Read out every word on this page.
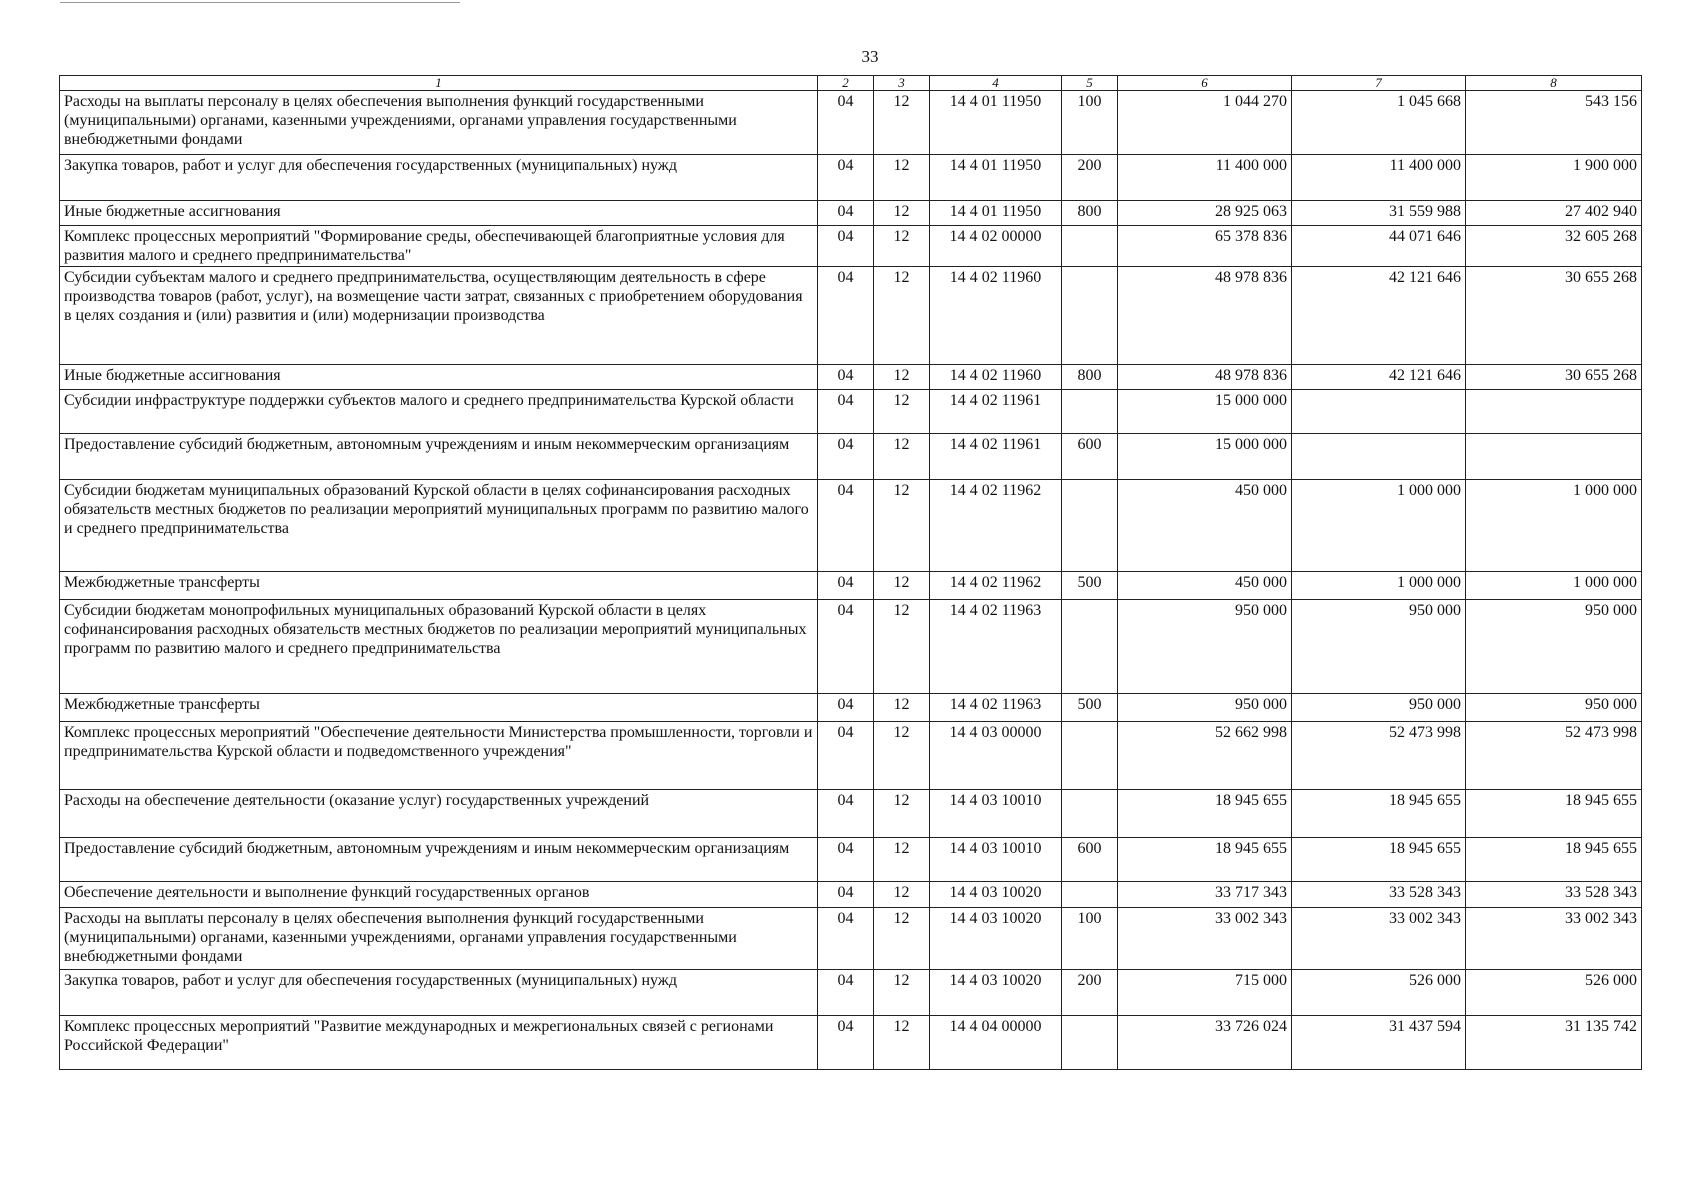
33
1	2	3	4	5	6	7	8
Расходы на выплаты персоналу в целях обеспечения выполнения функций государственными (муниципальными) органами, казенными учреждениями, органами управления государственными внебюджетными фондами	04	12	14 4 01 11950	100	1 044 270	1 045 668	543 156
Закупка товаров, работ и услуг для обеспечения государственных (муниципальных) нужд	04	12	14 4 01 11950	200	11 400 000	11 400 000	1 900 000
Иные бюджетные ассигнования	04	12	14 4 01 11950	800	28 925 063	31 559 988	27 402 940
Комплекс процессных мероприятий "Формирование среды, обеспечивающей благоприятные условия для развития малого и среднего предпринимательства"	04	12	14 4 02 00000		65 378 836	44 071 646	32 605 268
Субсидии субъектам малого и среднего предпринимательства, осуществляющим деятельность в сфере производства товаров (работ, услуг), на возмещение части затрат, связанных с приобретением оборудования в целях создания и (или) развития и (или) модернизации производства	04	12	14 4 02 11960		48 978 836	42 121 646	30 655 268
Иные бюджетные ассигнования	04	12	14 4 02 11960	800	48 978 836	42 121 646	30 655 268
Субсидии инфраструктуре поддержки субъектов малого и среднего предпринимательства Курской области	04	12	14 4 02 11961		15 000 000		
Предоставление субсидий бюджетным, автономным учреждениям и иным некоммерческим организациям	04	12	14 4 02 11961	600	15 000 000		
Субсидии бюджетам муниципальных образований Курской области в целях софинансирования расходных обязательств местных бюджетов по реализации мероприятий муниципальных программ по развитию малого и среднего предпринимательства	04	12	14 4 02 11962		450 000	1 000 000	1 000 000
Межбюджетные трансферты	04	12	14 4 02 11962	500	450 000	1 000 000	1 000 000
Субсидии бюджетам монопрофильных муниципальных образований Курской области в целях софинансирования расходных обязательств местных бюджетов по реализации мероприятий муниципальных программ по развитию малого и среднего предпринимательства	04	12	14 4 02 11963		950 000	950 000	950 000
Межбюджетные трансферты	04	12	14 4 02 11963	500	950 000	950 000	950 000
Комплекс процессных мероприятий "Обеспечение деятельности Министерства промышленности, торговли и предпринимательства Курской области и подведомственного учреждения"	04	12	14 4 03 00000		52 662 998	52 473 998	52 473 998
Расходы на обеспечение деятельности (оказание услуг) государственных учреждений	04	12	14 4 03 10010		18 945 655	18 945 655	18 945 655
Предоставление субсидий бюджетным, автономным учреждениям и иным некоммерческим организациям	04	12	14 4 03 10010	600	18 945 655	18 945 655	18 945 655
Обеспечение деятельности и выполнение функций государственных органов	04	12	14 4 03 10020		33 717 343	33 528 343	33 528 343
Расходы на выплаты персоналу в целях обеспечения выполнения функций государственными (муниципальными) органами, казенными учреждениями, органами управления государственными внебюджетными фондами	04	12	14 4 03 10020	100	33 002 343	33 002 343	33 002 343
Закупка товаров, работ и услуг для обеспечения государственных (муниципальных) нужд	04	12	14 4 03 10020	200	715 000	526 000	526 000
Комплекс процессных мероприятий "Развитие международных и межрегиональных связей с регионами Российской Федерации"	04	12	14 4 04 00000		33 726 024	31 437 594	31 135 742
